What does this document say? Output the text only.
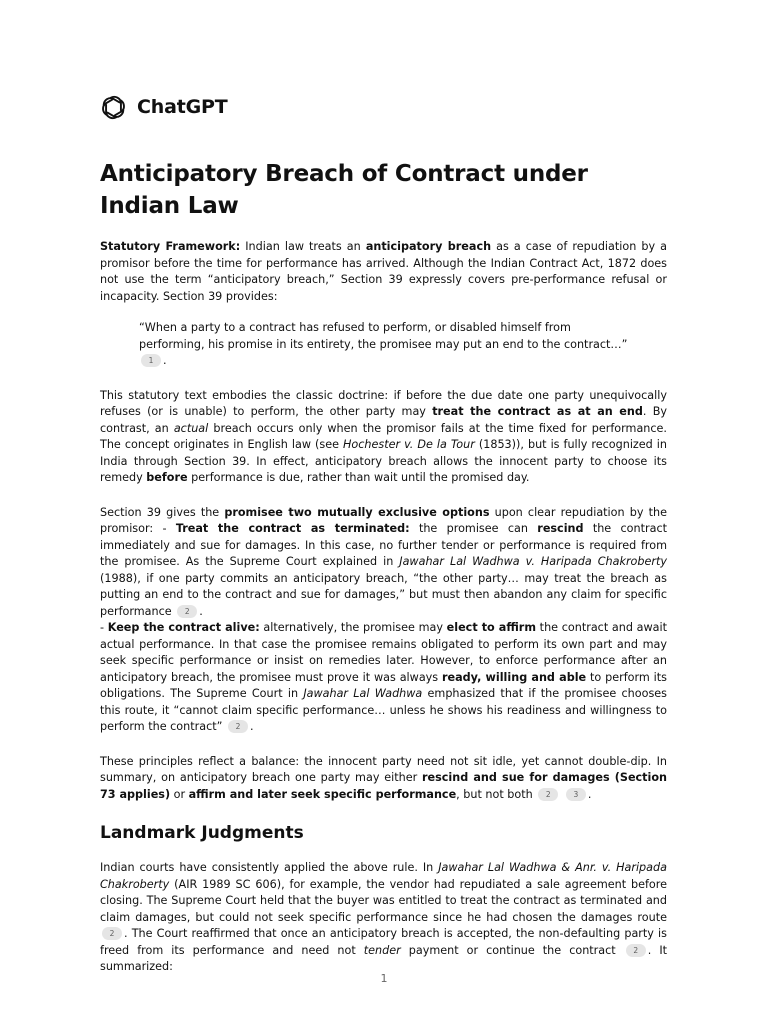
ChatGPT
Anticipatory Breach of Contract under Indian Law

Statutory Framework: Indian law treats an anticipatory breach as a case of repudiation by a promisor before the time for performance has arrived. Although the Indian Contract Act, 1872 does not use the term “anticipatory breach,” Section 39 expressly covers pre-performance refusal or incapacity. Section 39 provides:

“When a party to a contract has refused to perform, or disabled himself from performing, his promise in its entirety, the promisee may put an end to the contract…” 1 .

This statutory text embodies the classic doctrine: if before the due date one party unequivocally refuses (or is unable) to perform, the other party may treat the contract as at an end. By contrast, an actual breach occurs only when the promisor fails at the time fixed for performance. The concept originates in English law (see Hochester v. De la Tour (1853)), but is fully recognized in India through Section 39. In effect, anticipatory breach allows the innocent party to choose its remedy before performance is due, rather than wait until the promised day.

Section 39 gives the promisee two mutually exclusive options upon clear repudiation by the promisor: - Treat the contract as terminated: the promisee can rescind the contract immediately and sue for damages. In this case, no further tender or performance is required from the promisee. As the Supreme Court explained in Jawahar Lal Wadhwa v. Haripada Chakroberty (1988), if one party commits an anticipatory breach, “the other party… may treat the breach as putting an end to the contract and sue for damages,” but must then abandon any claim for specific performance 2 .
- Keep the contract alive: alternatively, the promisee may elect to affirm the contract and await actual performance. In that case the promisee remains obligated to perform its own part and may seek specific performance or insist on remedies later. However, to enforce performance after an anticipatory breach, the promisee must prove it was always ready, willing and able to perform its obligations. The Supreme Court in Jawahar Lal Wadhwa emphasized that if the promisee chooses this route, it “cannot claim specific performance… unless he shows his readiness and willingness to perform the contract” 2 .

These principles reflect a balance: the innocent party need not sit idle, yet cannot double-dip. In summary, on anticipatory breach one party may either rescind and sue for damages (Section 73 applies) or affirm and later seek specific performance, but not both 2	3 .

Landmark Judgments

Indian courts have consistently applied the above rule. In Jawahar Lal Wadhwa & Anr. v. Haripada Chakroberty (AIR 1989 SC 606), for example, the vendor had repudiated a sale agreement before closing. The Supreme Court held that the buyer was entitled to treat the contract as terminated and claim damages, but could not seek specific performance since he had chosen the damages route 2 . The Court reaffirmed that once an anticipatory breach is accepted, the non-defaulting party is freed from its performance and need not tender payment or continue the contract 2 . It summarized:

1
